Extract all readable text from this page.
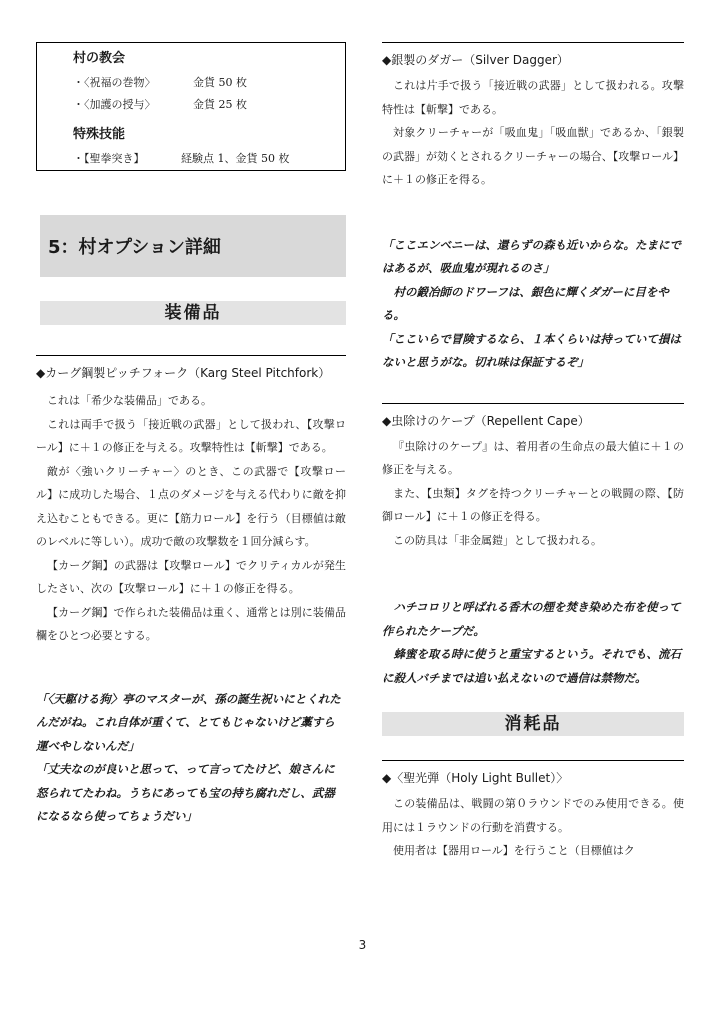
村の教会
・〈祝福の巻物〉	金貨 50 枚
・〈加護の授与〉	金貨 25 枚
特殊技能
・【聖拳突き】	経験点 1、金貨 50 枚
5：村オプション詳細
装備品
◆カーグ鋼製ピッチフォーク（Karg Steel Pitchfork）

これは「希少な装備品」である。

これは両手で扱う「接近戦の武器」として扱われ、【攻撃ロール】に＋１の修正を与える。攻撃特性は【斬撃】である。

敵が〈強いクリーチャー〉のとき、この武器で【攻撃ロール】に成功した場合、１点のダメージを与える代わりに敵を抑え込むこともできる。更に【筋力ロール】を行う（目標値は敵のレベルに等しい）。成功で敵の攻撃数を１回分減らす。

【カーグ鋼】の武器は【攻撃ロール】でクリティカルが発生したさい、次の【攻撃ロール】に＋１の修正を得る。

【カーグ鋼】で作られた装備品は重く、通常とは別に装備品欄をひとつ必要とする。

「〈天駆ける狗〉亭のマスターが、孫の誕生祝いにとくれたんだがね。これ自体が重くて、とてもじゃないけど藁すら運べやしないんだ」

「丈夫なのが良いと思って、って言ってたけど、娘さんに怒られてたわね。うちにあっても宝の持ち腐れだし、武器になるなら使ってちょうだい」

◆銀製のダガー（Silver Dagger）

これは片手で扱う「接近戦の武器」として扱われる。攻撃特性は【斬撃】である。

対象クリーチャーが「吸血鬼」「吸血獣」であるか、「銀製の武器」が効くとされるクリーチャーの場合、【攻撃ロール】に＋１の修正を得る。

「ここエンベニーは、還らずの森も近いからな。たまにではあるが、吸血鬼が現れるのさ」

村の鍛冶師のドワーフは、銀色に輝くダガーに目をやる。

「ここいらで冒険するなら、１本くらいは持っていて損はないと思うがな。切れ味は保証するぞ」

◆虫除けのケープ（Repellent Cape）

『虫除けのケープ』は、着用者の生命点の最大値に＋１の修正を与える。

また、【虫類】タグを持つクリーチャーとの戦闘の際、【防御ロール】に＋１の修正を得る。

この防具は「非金属鎧」として扱われる。

ハチコロリと呼ばれる香木の煙を焚き染めた布を使って作られたケープだ。

蜂蜜を取る時に使うと重宝するという。それでも、流石に殺人バチまでは追い払えないので過信は禁物だ。

消耗品
◆〈聖光弾（Holy Light Bullet）〉

この装備品は、戦闘の第０ラウンドでのみ使用できる。使用には１ラウンドの行動を消費する。

使用者は【器用ロール】を行うこと（目標値はク

3
